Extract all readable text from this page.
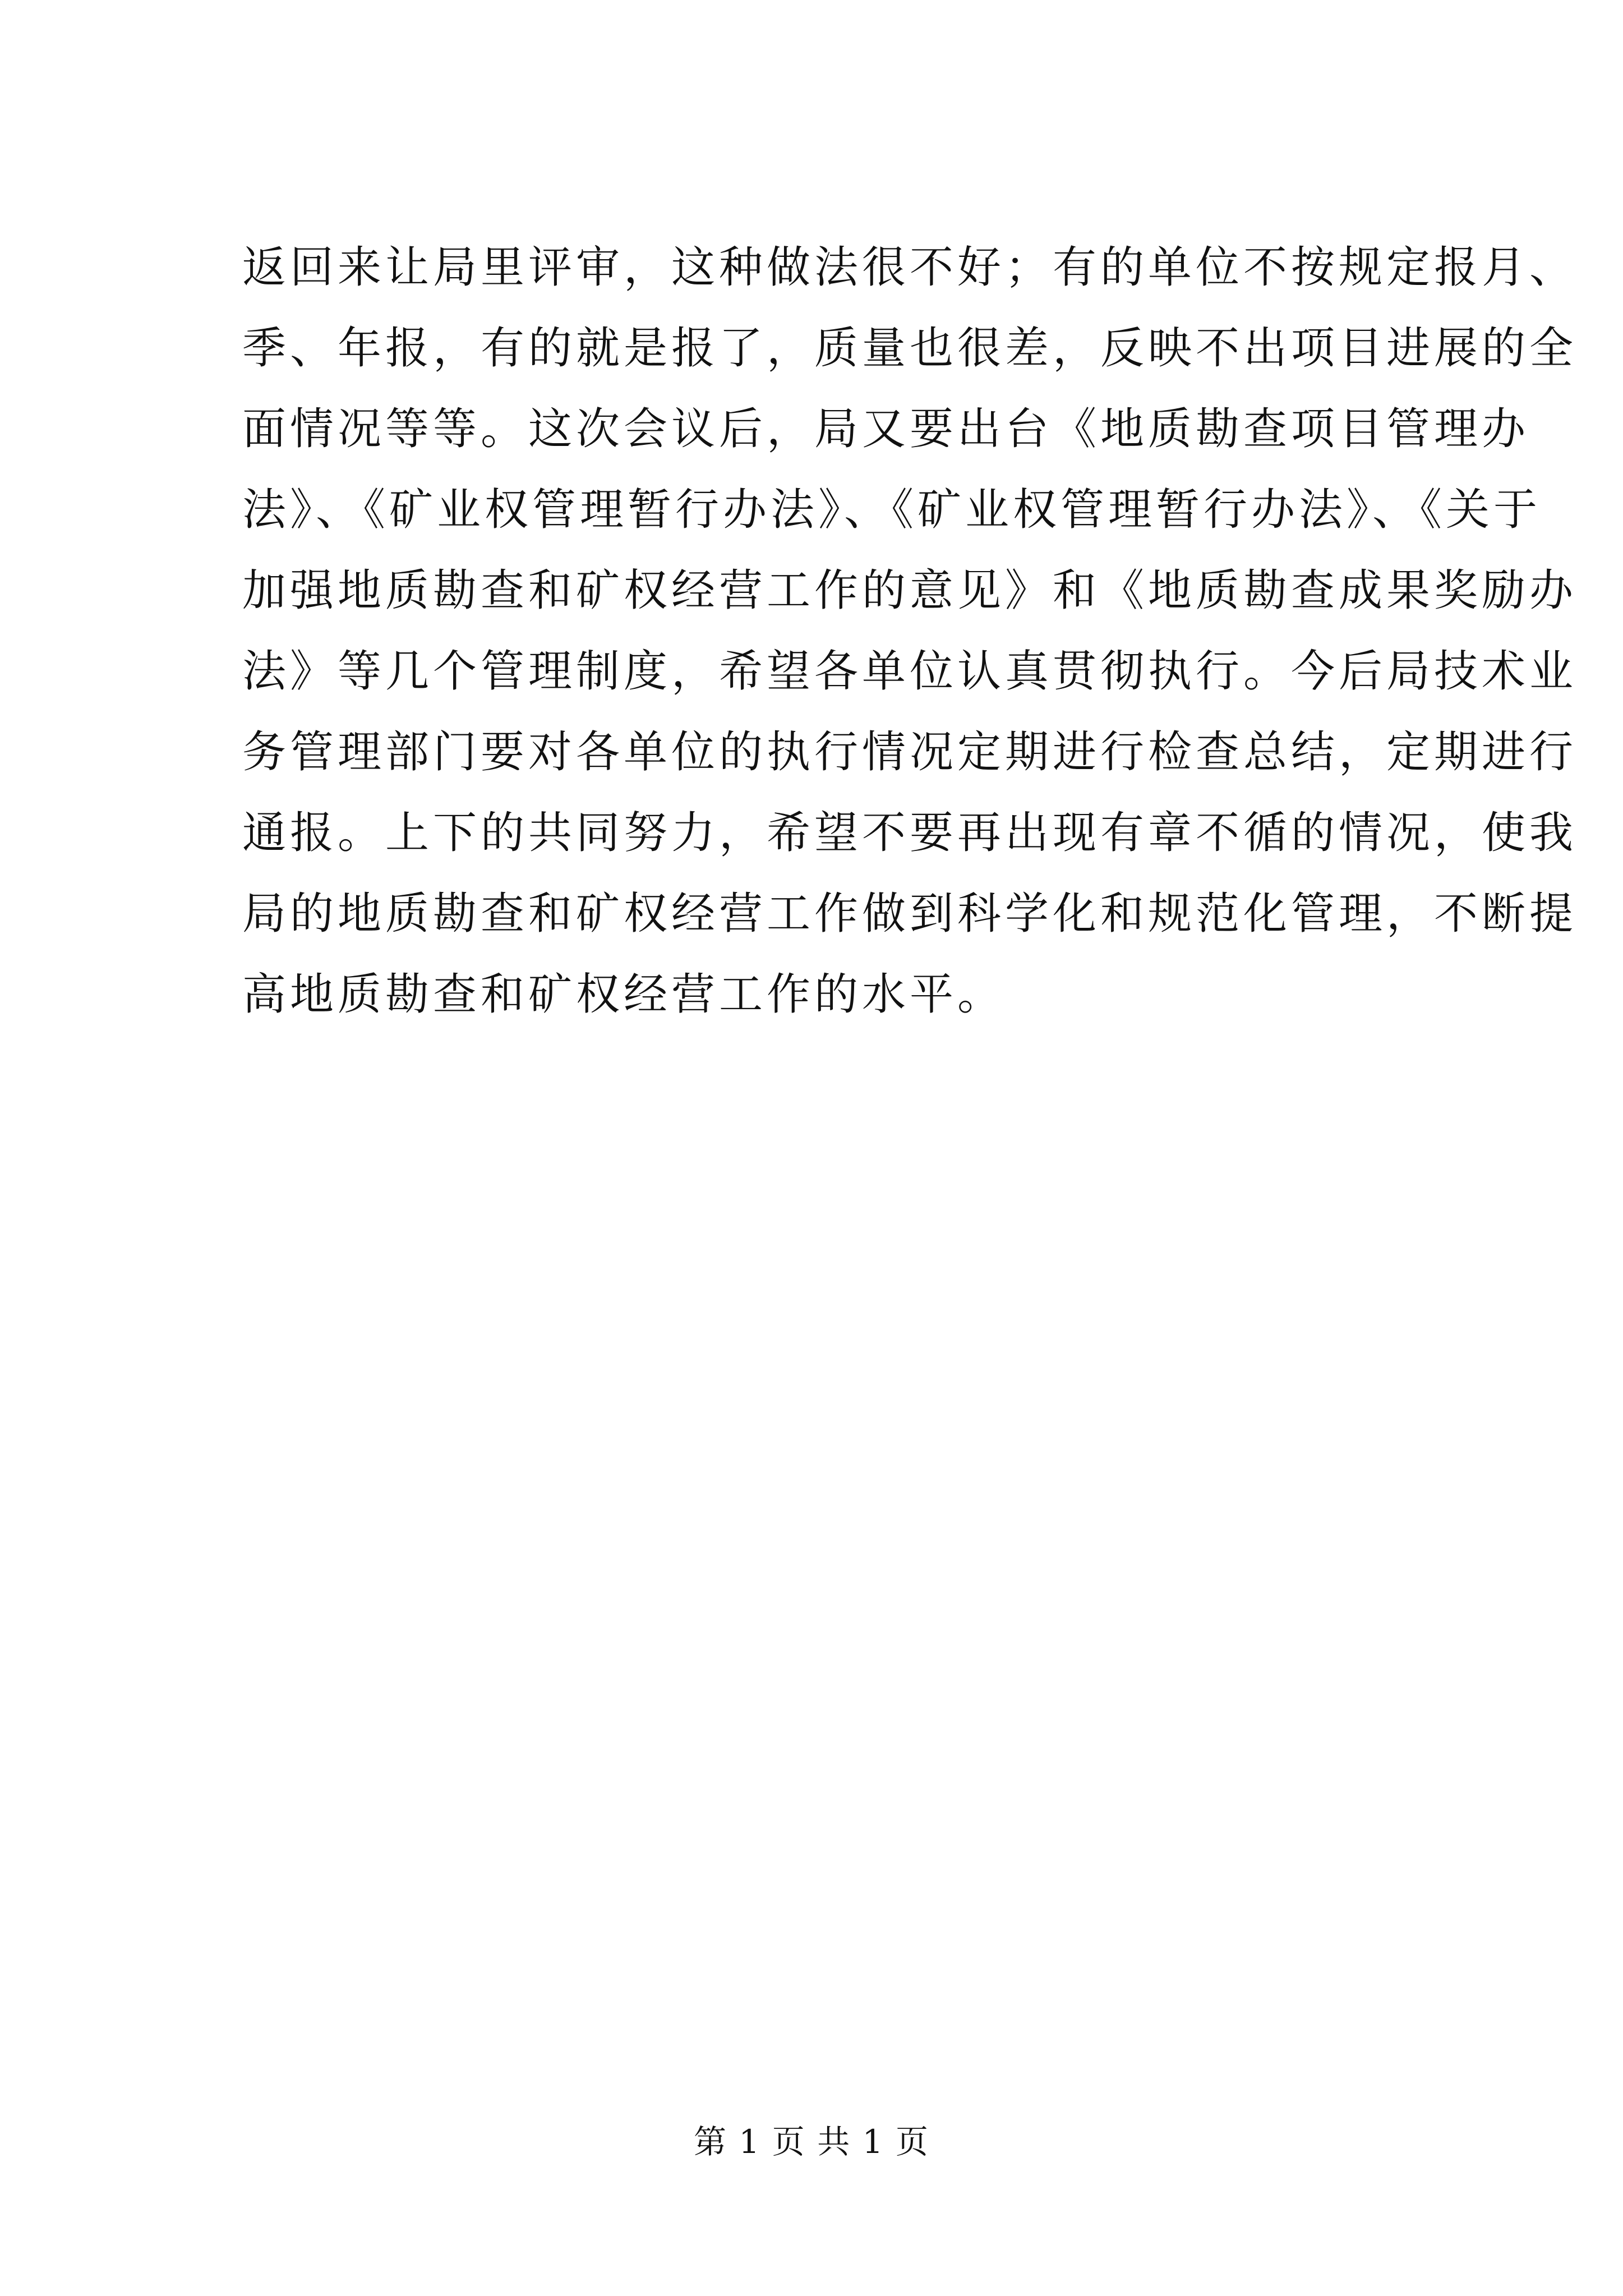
返回来让局里评审，这种做法很不好；有的单位不按规定报月、
季、年报，有的就是报了，质量也很差，反映不出项目进展的全
面情况等等。这次会议后，局又要出台《地质勘查项目管理办
法》、《矿业权管理暂行办法》、《矿业权管理暂行办法》、《关于
加强地质勘查和矿权经营工作的意见》和《地质勘查成果奖励办
法》等几个管理制度，希望各单位认真贯彻执行。今后局技术业
务管理部门要对各单位的执行情况定期进行检查总结，定期进行
通报。上下的共同努力，希望不要再出现有章不循的情况，使我
局的地质勘查和矿权经营工作做到科学化和规范化管理，不断提
高地质勘查和矿权经营工作的水平。
第 1 页 共 1 页
